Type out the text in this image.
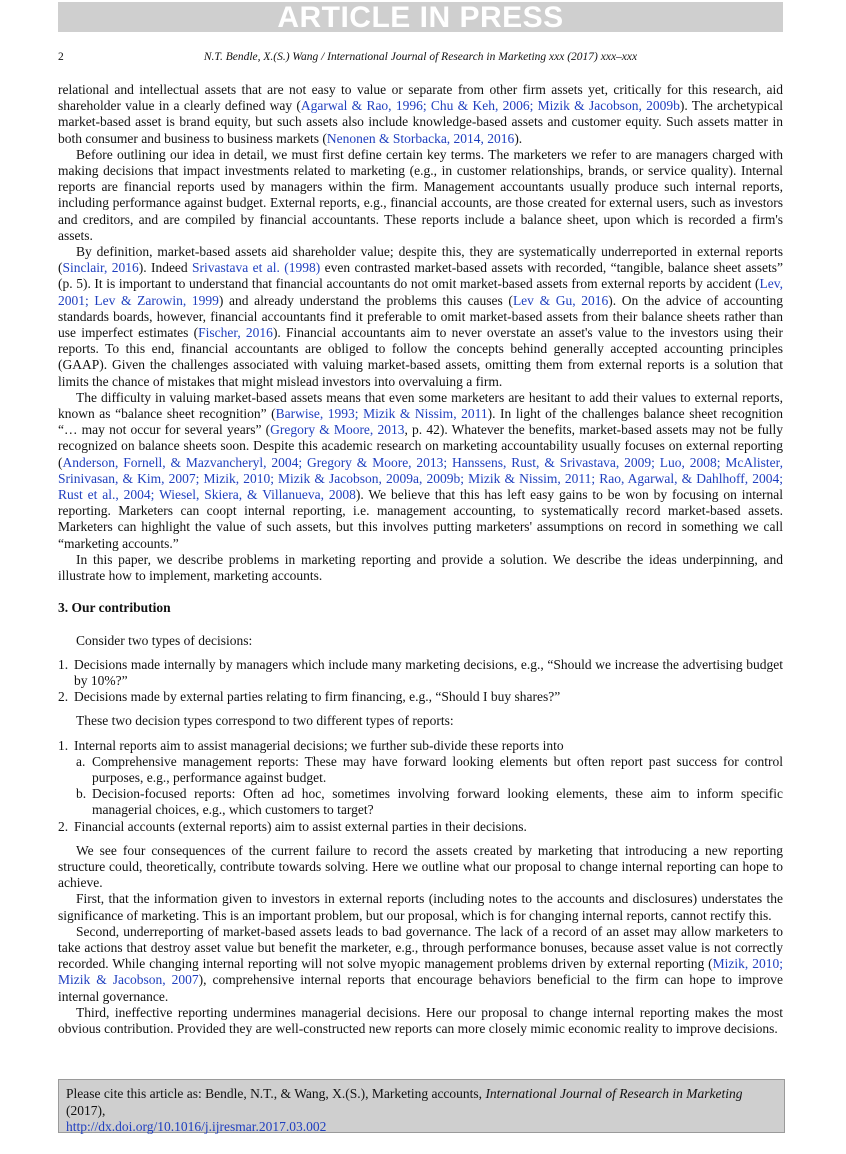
ARTICLE IN PRESS
2	N.T. Bendle, X.(S.) Wang / International Journal of Research in Marketing xxx (2017) xxx–xxx

relational and intellectual assets that are not easy to value or separate from other firm assets yet, critically for this research, aid shareholder value in a clearly defined way (Agarwal & Rao, 1996; Chu & Keh, 2006; Mizik & Jacobson, 2009b). The archetypical market-based asset is brand equity, but such assets also include knowledge-based assets and customer equity. Such assets matter in both consumer and business to business markets (Nenonen & Storbacka, 2014, 2016).

Before outlining our idea in detail, we must first define certain key terms. The marketers we refer to are managers charged with making decisions that impact investments related to marketing (e.g., in customer relationships, brands, or service quality). Internal reports are financial reports used by managers within the firm. Management accountants usually produce such internal reports, including performance against budget. External reports, e.g., financial accounts, are those created for external users, such as investors and creditors, and are compiled by financial accountants. These reports include a balance sheet, upon which is recorded a firm's assets.

By definition, market-based assets aid shareholder value; despite this, they are systematically underreported in external reports (Sinclair, 2016). Indeed Srivastava et al. (1998) even contrasted market-based assets with recorded, “tangible, balance sheet assets” (p. 5). It is important to understand that financial accountants do not omit market-based assets from external reports by accident (Lev, 2001; Lev & Zarowin, 1999) and already understand the problems this causes (Lev & Gu, 2016). On the advice of accounting standards boards, however, financial accountants find it preferable to omit market-based assets from their balance sheets rather than use imperfect estimates (Fischer, 2016). Financial accountants aim to never overstate an asset's value to the investors using their reports. To this end, financial accountants are obliged to follow the concepts behind generally accepted accounting principles (GAAP). Given the challenges associated with valuing market-based assets, omitting them from external reports is a solution that limits the chance of mistakes that might mislead investors into overvaluing a firm.

The difficulty in valuing market-based assets means that even some marketers are hesitant to add their values to external reports, known as “balance sheet recognition” (Barwise, 1993; Mizik & Nissim, 2011). In light of the challenges balance sheet recognition “… may not occur for several years” (Gregory & Moore, 2013, p. 42). Whatever the benefits, market-based assets may not be fully recognized on balance sheets soon. Despite this academic research on marketing accountability usually focuses on external reporting (Anderson, Fornell, & Mazvancheryl, 2004; Gregory & Moore, 2013; Hanssens, Rust, & Srivastava, 2009; Luo, 2008; McAlister, Srinivasan, & Kim, 2007; Mizik, 2010; Mizik & Jacobson, 2009a, 2009b; Mizik & Nissim, 2011; Rao, Agarwal, & Dahlhoff, 2004; Rust et al., 2004; Wiesel, Skiera, & Villanueva, 2008). We believe that this has left easy gains to be won by focusing on internal reporting. Marketers can coopt internal reporting, i.e. management accounting, to systematically record market-based assets. Marketers can highlight the value of such assets, but this involves putting marketers' assumptions on record in something we call “marketing accounts.”

In this paper, we describe problems in marketing reporting and provide a solution. We describe the ideas underpinning, and illustrate how to implement, marketing accounts.

3. Our contribution

Consider two types of decisions:

1. Decisions made internally by managers which include many marketing decisions, e.g., “Should we increase the advertising budget by 10%?”
2. Decisions made by external parties relating to firm financing, e.g., “Should I buy shares?”

These two decision types correspond to two different types of reports:

1. Internal reports aim to assist managerial decisions; we further sub-divide these reports into
a. Comprehensive management reports: These may have forward looking elements but often report past success for control purposes, e.g., performance against budget.
b. Decision-focused reports: Often ad hoc, sometimes involving forward looking elements, these aim to inform specific managerial choices, e.g., which customers to target?
2. Financial accounts (external reports) aim to assist external parties in their decisions.

We see four consequences of the current failure to record the assets created by marketing that introducing a new reporting structure could, theoretically, contribute towards solving. Here we outline what our proposal to change internal reporting can hope to achieve.

First, that the information given to investors in external reports (including notes to the accounts and disclosures) understates the significance of marketing. This is an important problem, but our proposal, which is for changing internal reports, cannot rectify this.

Second, underreporting of market-based assets leads to bad governance. The lack of a record of an asset may allow marketers to take actions that destroy asset value but benefit the marketer, e.g., through performance bonuses, because asset value is not correctly recorded. While changing internal reporting will not solve myopic management problems driven by external reporting (Mizik, 2010; Mizik & Jacobson, 2007), comprehensive internal reports that encourage behaviors beneficial to the firm can hope to improve internal governance.

Third, ineffective reporting undermines managerial decisions. Here our proposal to change internal reporting makes the most obvious contribution. Provided they are well-constructed new reports can more closely mimic economic reality to improve decisions.

Please cite this article as: Bendle, N.T., & Wang, X.(S.), Marketing accounts, International Journal of Research in Marketing (2017),
http://dx.doi.org/10.1016/j.ijresmar.2017.03.002
